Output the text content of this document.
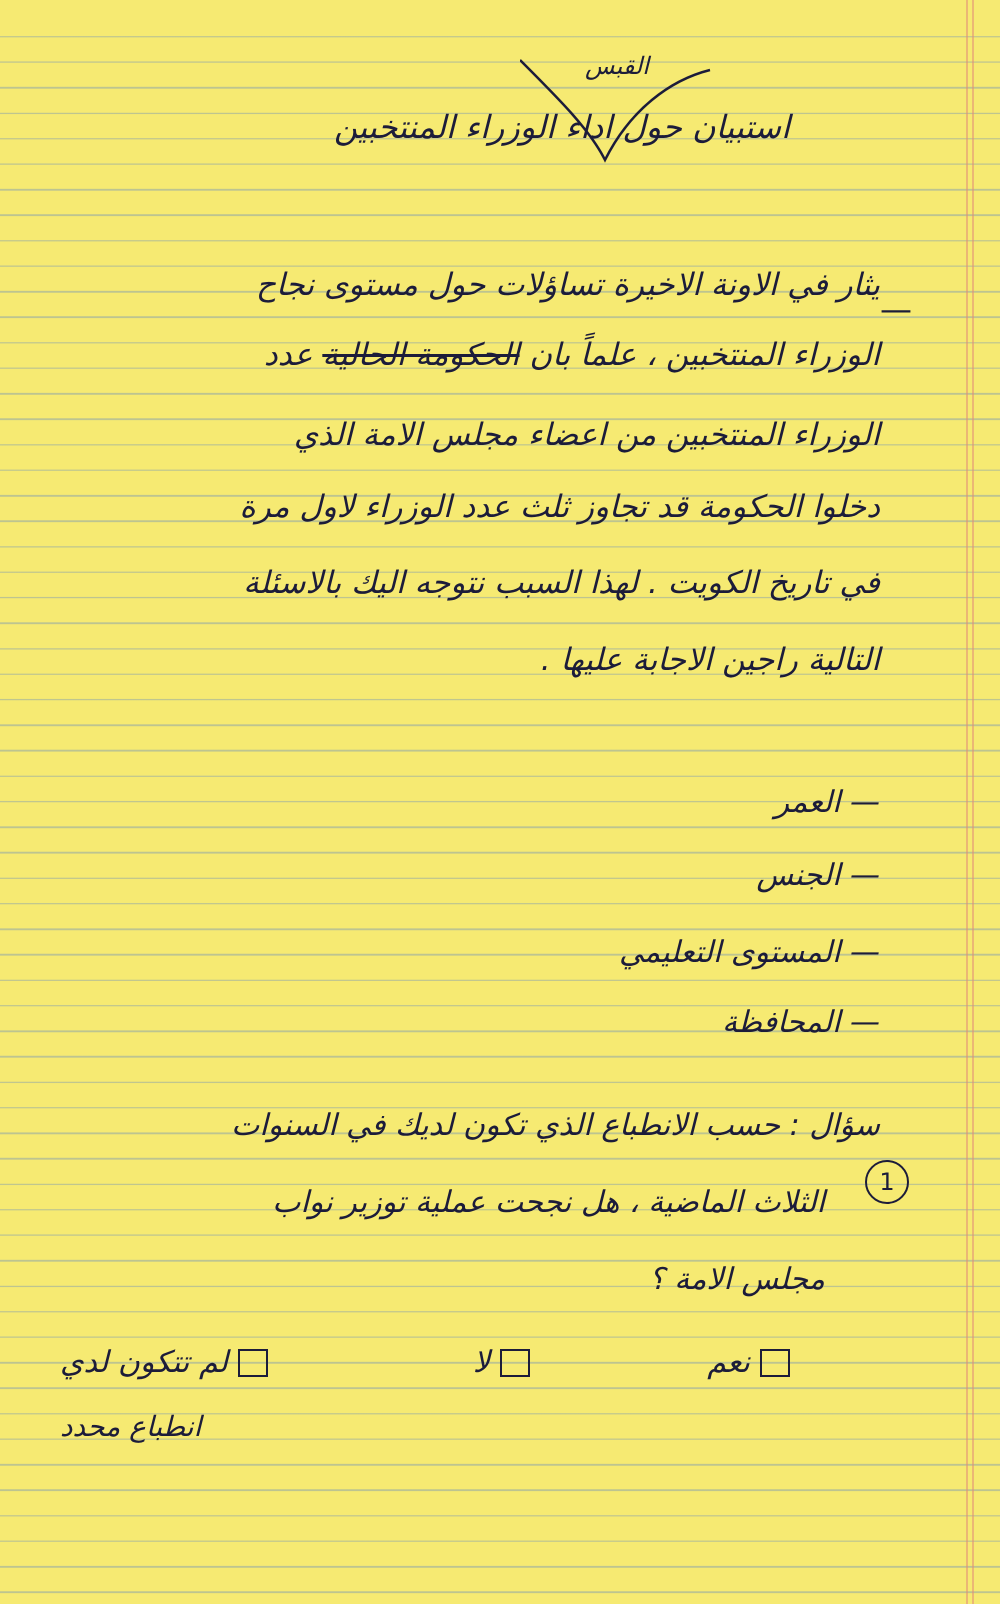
القبس
استبيان حول اداء الوزراء المنتخبين
—
يثار في الاونة الاخيرة تساؤلات حول مستوى نجاح
الوزراء المنتخبين ، علماً بان الحكومة الحالية عدد
الوزراء المنتخبين من اعضاء مجلس الامة الذي
دخلوا الحكومة قد تجاوز ثلث عدد الوزراء لاول مرة
في تاريخ الكويت . لهذا السبب نتوجه اليك بالاسئلة
التالية راجين الاجابة عليها .
— العمر
— الجنس
— المستوى التعليمي
— المحافظة
1
سؤال : حسب الانطباع الذي تكون لديك في السنوات
الثلاث الماضية ، هل نجحت عملية توزير نواب
مجلس الامة ؟
نعم
لا
لم تتكون لدي
انطباع محدد
